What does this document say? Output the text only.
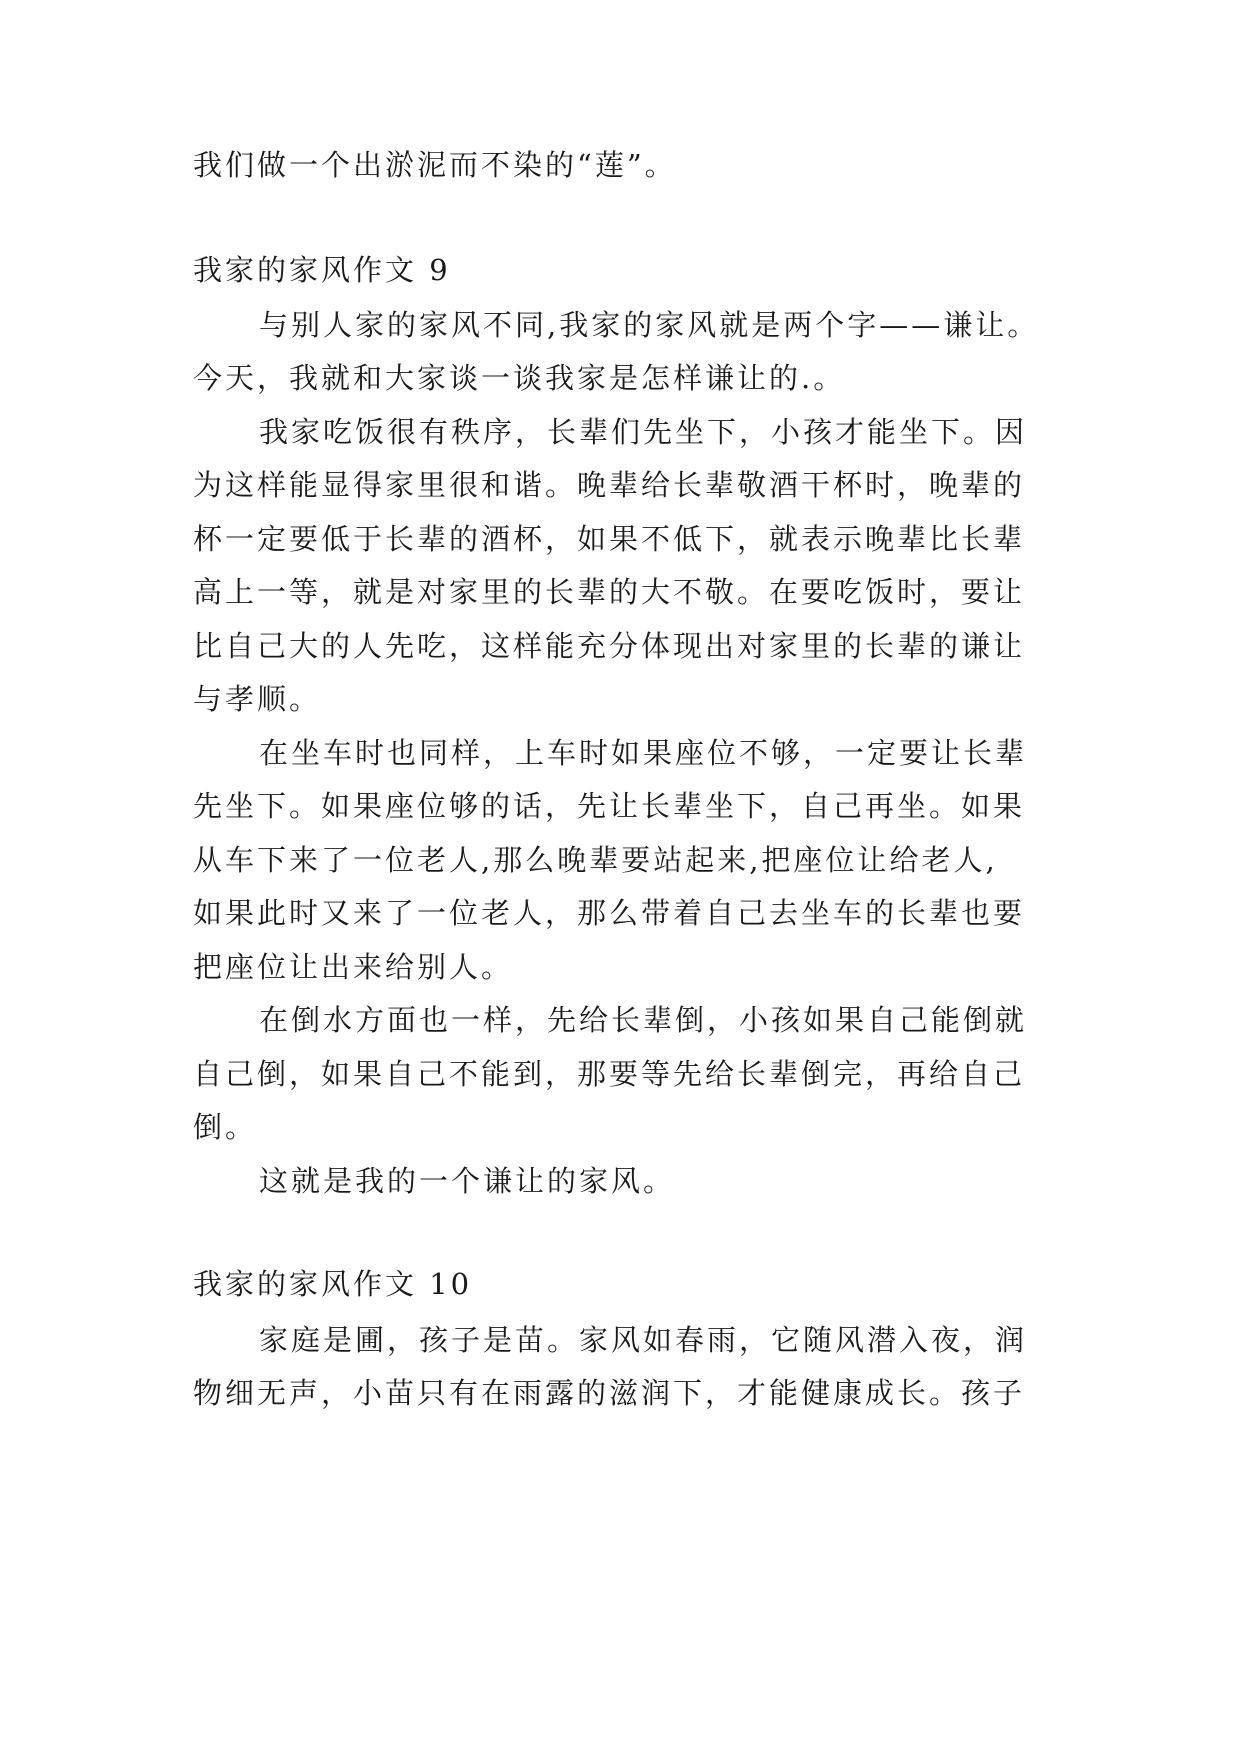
我们做一个出淤泥而不染的“莲”。
我家的家风作文 9
与别人家的家风不同,我家的家风就是两个字——谦让。
今天，我就和大家谈一谈我家是怎样谦让的.。
我家吃饭很有秩序，长辈们先坐下，小孩才能坐下。因
为这样能显得家里很和谐。晚辈给长辈敬酒干杯时，晚辈的
杯一定要低于长辈的酒杯，如果不低下，就表示晚辈比长辈
高上一等，就是对家里的长辈的大不敬。在要吃饭时，要让
比自己大的人先吃，这样能充分体现出对家里的长辈的谦让
与孝顺。
在坐车时也同样，上车时如果座位不够，一定要让长辈
先坐下。如果座位够的话，先让长辈坐下，自己再坐。如果
从车下来了一位老人,那么晚辈要站起来,把座位让给老人,
如果此时又来了一位老人，那么带着自己去坐车的长辈也要
把座位让出来给别人。
在倒水方面也一样，先给长辈倒，小孩如果自己能倒就
自己倒，如果自己不能到，那要等先给长辈倒完，再给自己
倒。
这就是我的一个谦让的家风。
我家的家风作文 10
家庭是圃，孩子是苗。家风如春雨，它随风潜入夜，润
物细无声，小苗只有在雨露的滋润下，才能健康成长。孩子
